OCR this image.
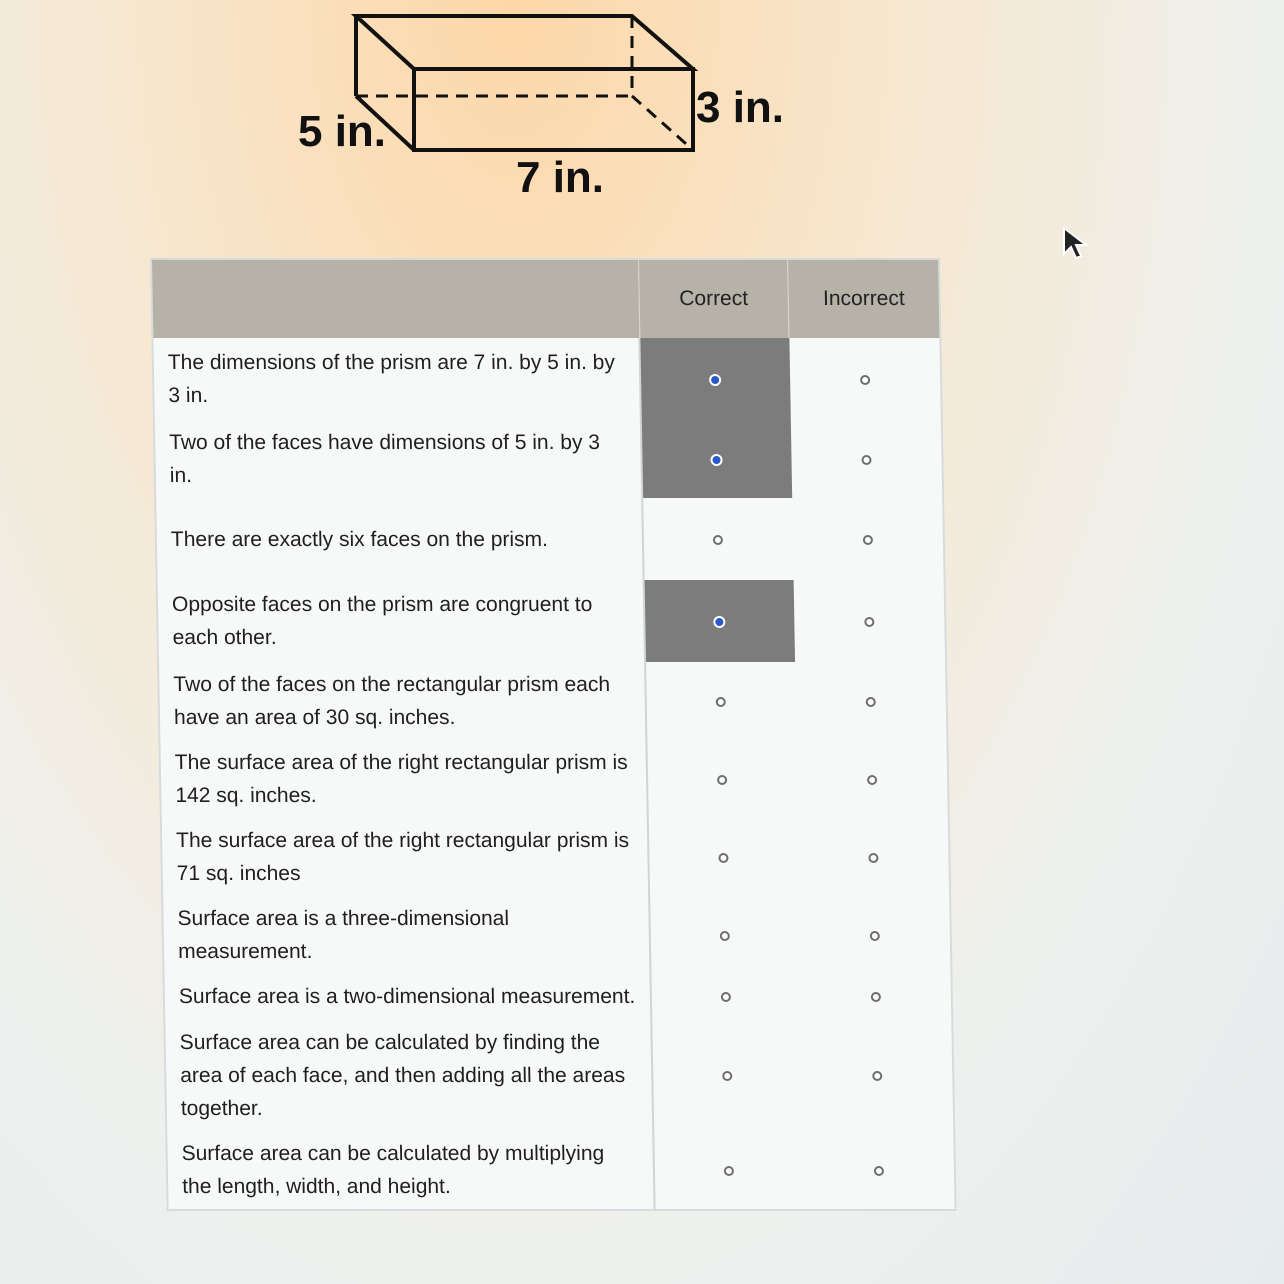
5 in.
7 in.
3 in.
	Correct	Incorrect
The dimensions of the prism are 7 in. by 5 in. by 3 in.		
Two of the faces have dimensions of 5 in. by 3 in.		
There are exactly six faces on the prism.		
Opposite faces on the prism are congruent to each other.		
Two of the faces on the rectangular prism each have an area of 30 sq. inches.		
The surface area of the right rectangular prism is 142 sq. inches.		
The surface area of the right rectangular prism is 71 sq. inches		
Surface area is a three-dimensional measurement.		
Surface area is a two-dimensional measurement.		
Surface area can be calculated by finding the area of each face, and then adding all the areas together.		
Surface area can be calculated by multiplying the length, width, and height.		
